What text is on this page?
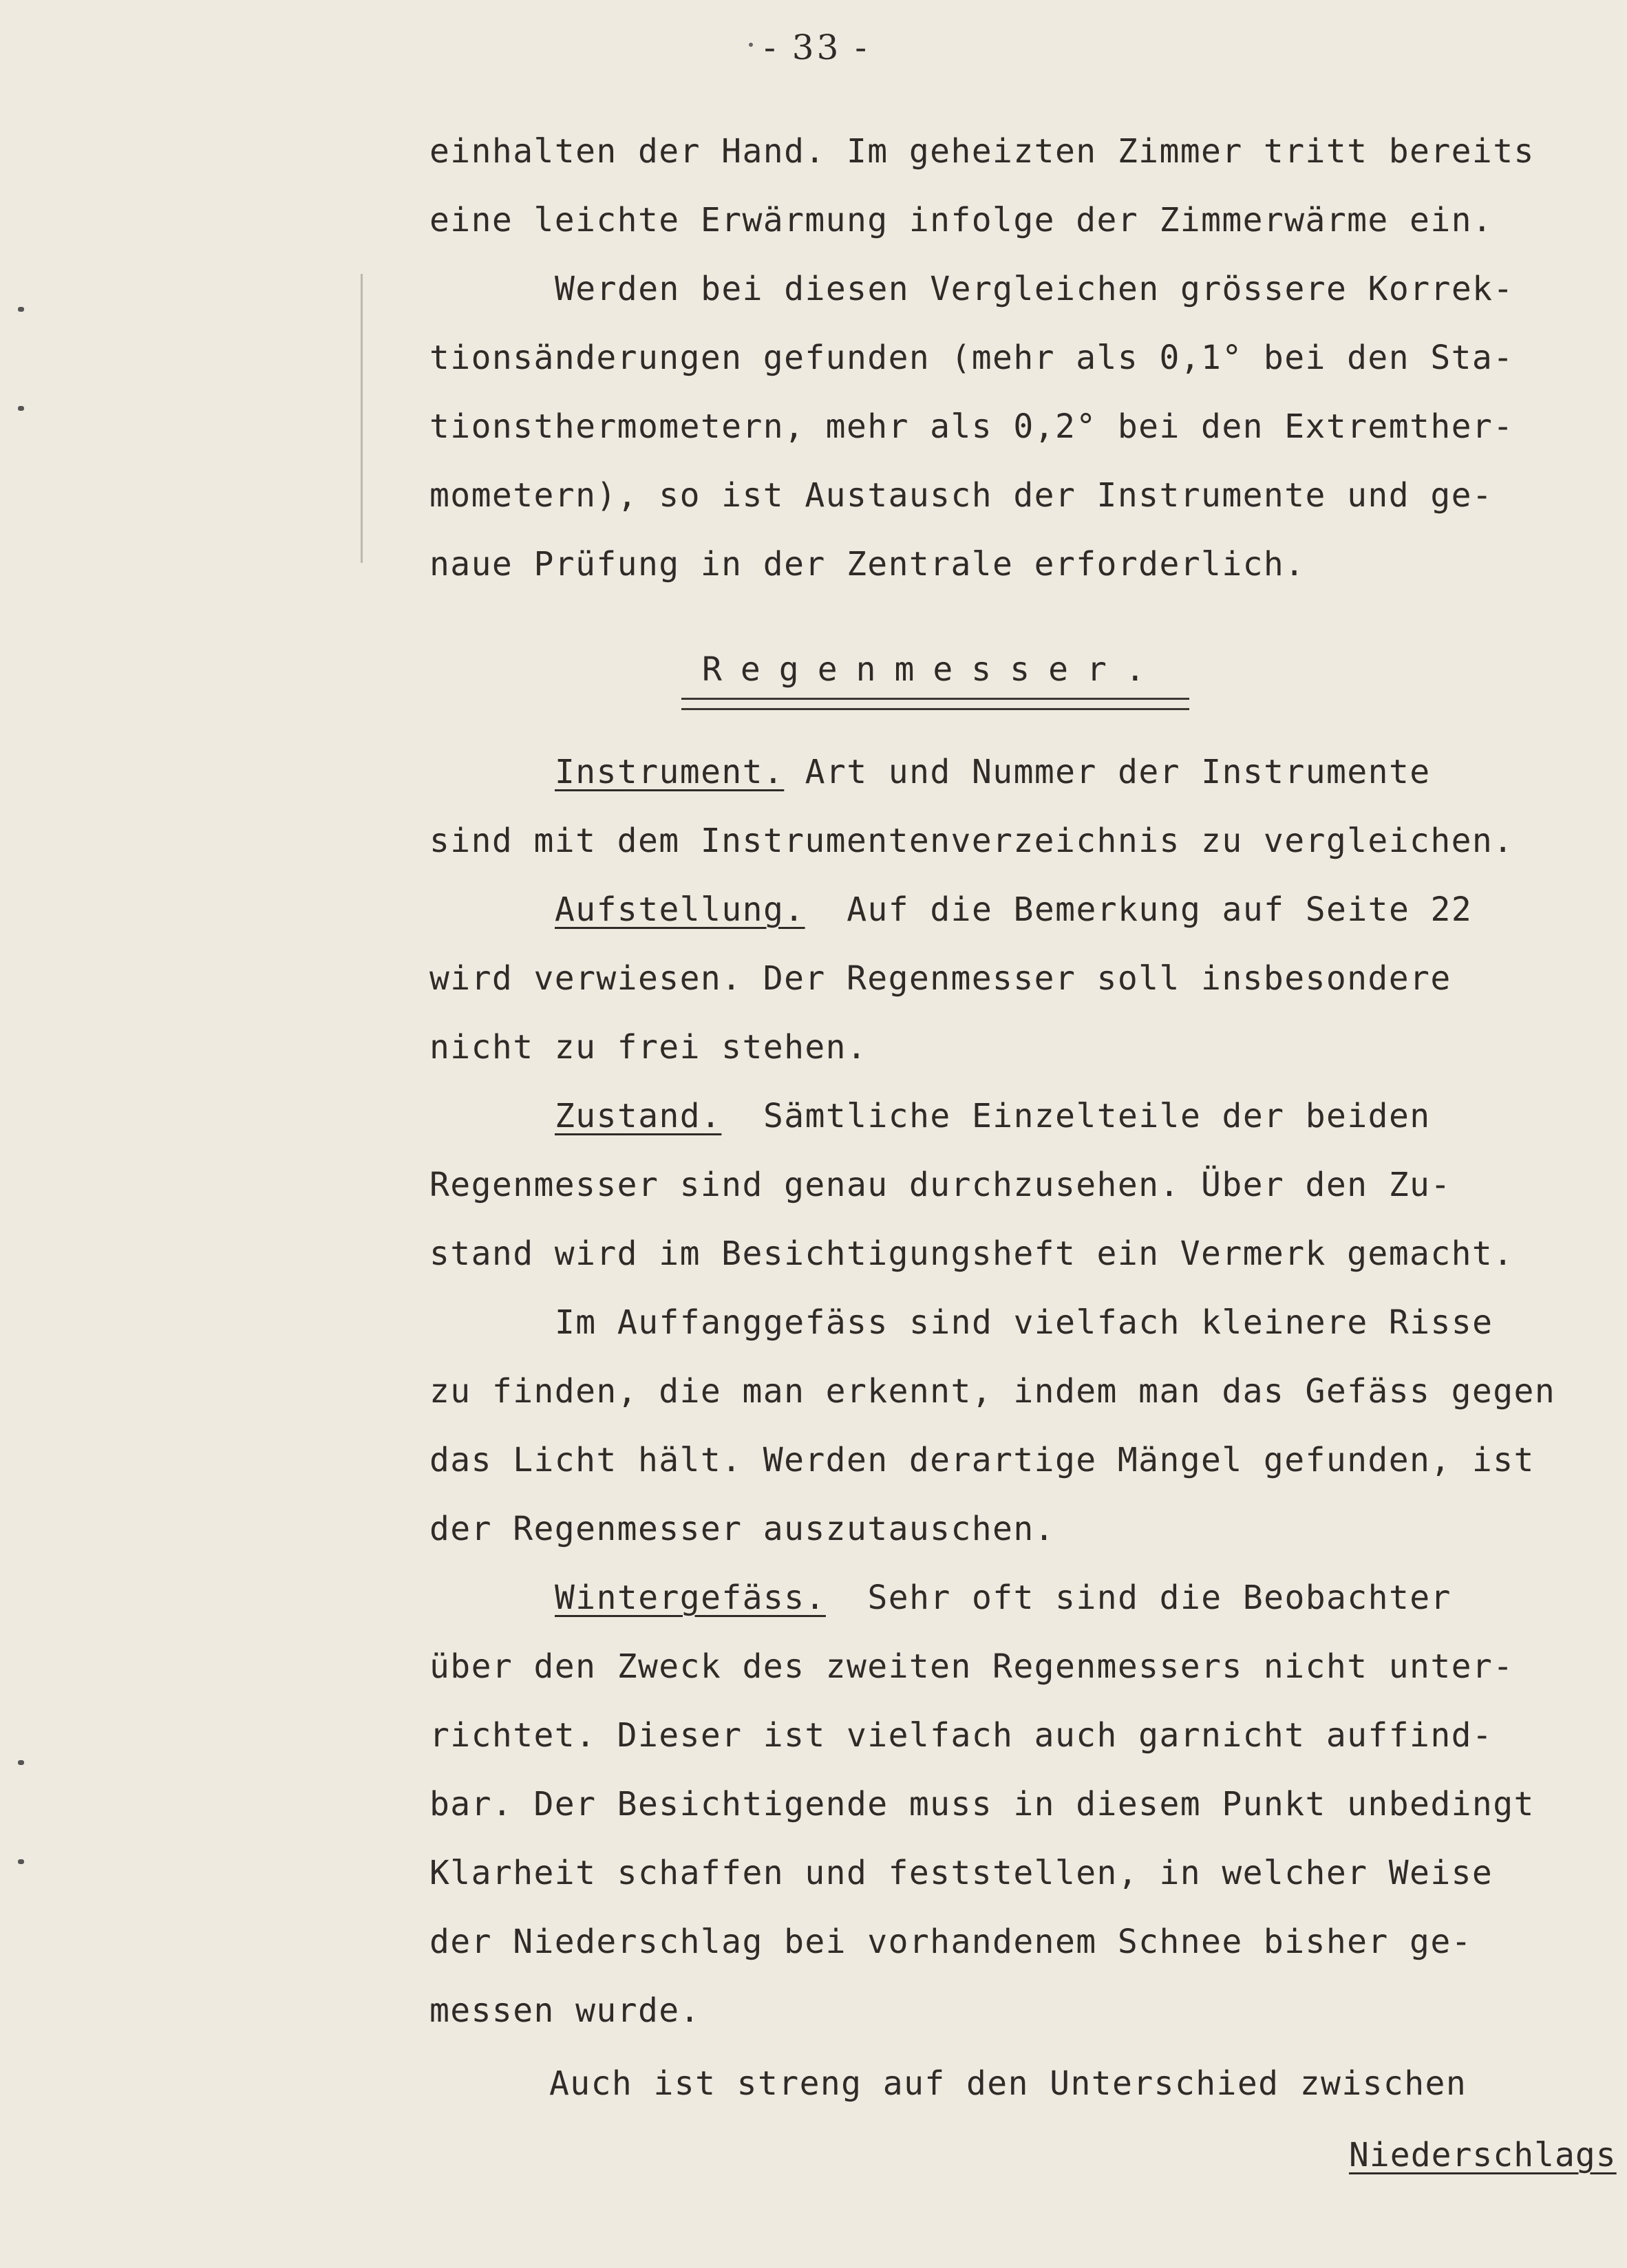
- 33 -
einhalten der Hand. Im geheizten Zimmer tritt bereits
eine leichte Erwärmung infolge der Zimmerwärme ein.
Werden bei diesen Vergleichen grössere Korrek-
tionsänderungen gefunden (mehr als 0,1° bei den Sta-
tionsthermometern, mehr als 0,2° bei den Extremther-
mometern), so ist Austausch der Instrumente und ge-
naue Prüfung in der Zentrale erforderlich.
Regenmesser.
Instrument. Art und Nummer der Instrumente
sind mit dem Instrumentenverzeichnis zu vergleichen.
Aufstellung.  Auf die Bemerkung auf Seite 22
wird verwiesen. Der Regenmesser soll insbesondere
nicht zu frei stehen.
Zustand.  Sämtliche Einzelteile der beiden
Regenmesser sind genau durchzusehen. Über den Zu-
stand wird im Besichtigungsheft ein Vermerk gemacht.
Im Auffanggefäss sind vielfach kleinere Risse
zu finden, die man erkennt, indem man das Gefäss gegen
das Licht hält. Werden derartige Mängel gefunden, ist
der Regenmesser auszutauschen.
Wintergefäss.  Sehr oft sind die Beobachter
über den Zweck des zweiten Regenmessers nicht unter-
richtet. Dieser ist vielfach auch garnicht auffind-
bar. Der Besichtigende muss in diesem Punkt unbedingt
Klarheit schaffen und feststellen, in welcher Weise
der Niederschlag bei vorhandenem Schnee bisher ge-
messen wurde.
Auch ist streng auf den Unterschied zwischen
Niederschlags
